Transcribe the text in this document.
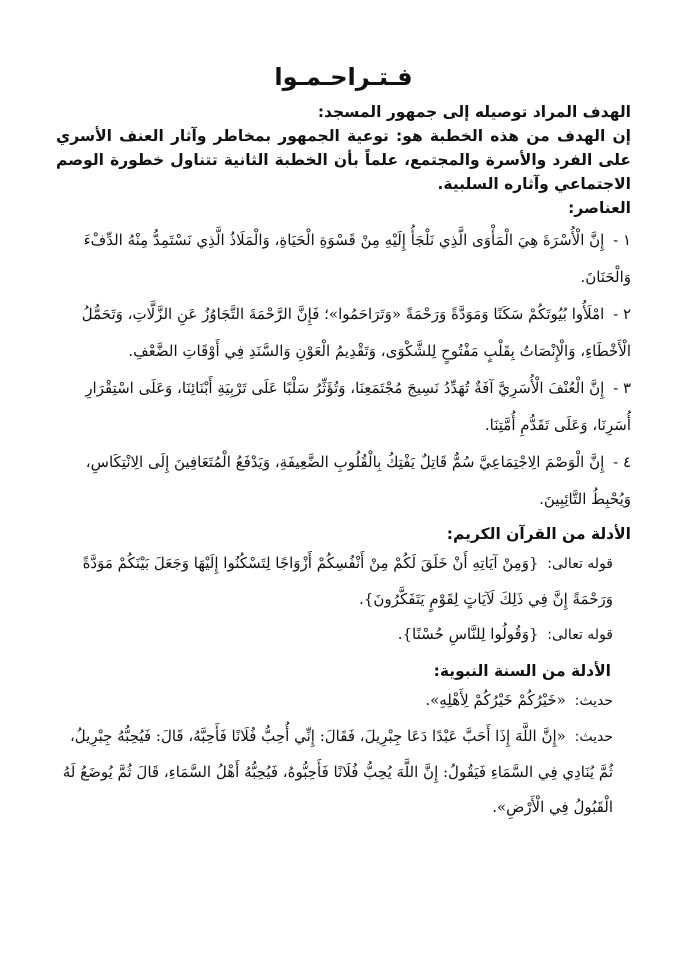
فـتـراحـمـوا

الهدف المراد توصيله إلى جمهور المسجد:

إن الهدف من هذه الخطبة هو: توعية الجمهور بمخاطر وآثار العنف الأسري على الفرد والأسرة والمجتمع، علماً بأن الخطبة الثانية تتناول خطورة الوصم الاجتماعي وآثاره السلبية.

العناصر:

١ - إِنَّ الْأُسْرَةَ هِيَ الْمَأْوَى الَّذِي نَلْجَأُ إِلَيْهِ مِنْ قَسْوَةِ الْحَيَاةِ، وَالْمَلَاذُ الَّذِي نَسْتَمِدُّ مِنْهُ الدِّفْءَ وَالْحَنَانَ.
٢ - امْلَأُوا بُيُوتَكُمْ سَكَنًا وَمَوَدَّةً وَرَحْمَةً «وَتَرَاحَمُوا»؛ فَإِنَّ الرَّحْمَةَ التَّجَاوُزُ عَنِ الزَّلَّاتِ، وَتَحَمُّلُ الْأَخْطَاءِ، وَالْإِنْصَاتُ بِقَلْبٍ مَفْتُوحٍ لِلشَّكْوَى، وَتَقْدِيمُ الْعَوْنِ وَالسَّنَدِ فِي أَوْقَاتِ الضَّعْفِ.
٣ - إِنَّ الْعُنْفَ الْأُسَرِيَّ آفَةٌ تُهَدِّدُ نَسِيجَ مُجْتَمَعِنَا، وَتُؤَثِّرُ سَلْبًا عَلَى تَرْبِيَةِ أَبْنَائِنَا، وَعَلَى اسْتِقْرَارِ أُسَرِنَا، وَعَلَى تَقَدُّمِ أُمَّتِنَا.
٤ - إِنَّ الْوَصْمَ الِاجْتِمَاعِيَّ سُمٌّ قَاتِلٌ يَفْتِكُ بِالْقُلُوبِ الضَّعِيفَةِ، وَيَدْفَعُ الْمُتَعَافِينَ إِلَى الِانْتِكَاسِ، وَيُحْبِطُ التَّائِبِينَ.

الأدلة من القرآن الكريم:

قوله تعالى: {وَمِنْ آيَاتِهِ أَنْ خَلَقَ لَكُمْ مِنْ أَنْفُسِكُمْ أَزْوَاجًا لِتَسْكُنُوا إِلَيْهَا وَجَعَلَ بَيْنَكُمْ مَوَدَّةً وَرَحْمَةً إِنَّ فِي ذَلِكَ لَآيَاتٍ لِقَوْمٍ يَتَفَكَّرُونَ}.

قوله تعالى: {وَقُولُوا لِلنَّاسِ حُسْنًا}.

الأدلة من السنة النبوية:

حديث: «خَيْرُكُمْ خَيْرُكُمْ لِأَهْلِهِ».

حديث: «إِنَّ اللَّهَ إِذَا أَحَبَّ عَبْدًا دَعَا جِبْرِيلَ، فَقَالَ: إِنِّي أُحِبُّ فُلَانًا فَأَحِبَّهُ، قَالَ: فَيُحِبُّهُ جِبْرِيلُ، ثُمَّ يُنَادِي فِي السَّمَاءِ فَيَقُولُ: إِنَّ اللَّهَ يُحِبُّ فُلَانًا فَأَحِبُّوهُ، فَيُحِبُّهُ أَهْلُ السَّمَاءِ، قَالَ ثُمَّ يُوضَعُ لَهُ الْقَبُولُ فِي الْأَرْضِ».
